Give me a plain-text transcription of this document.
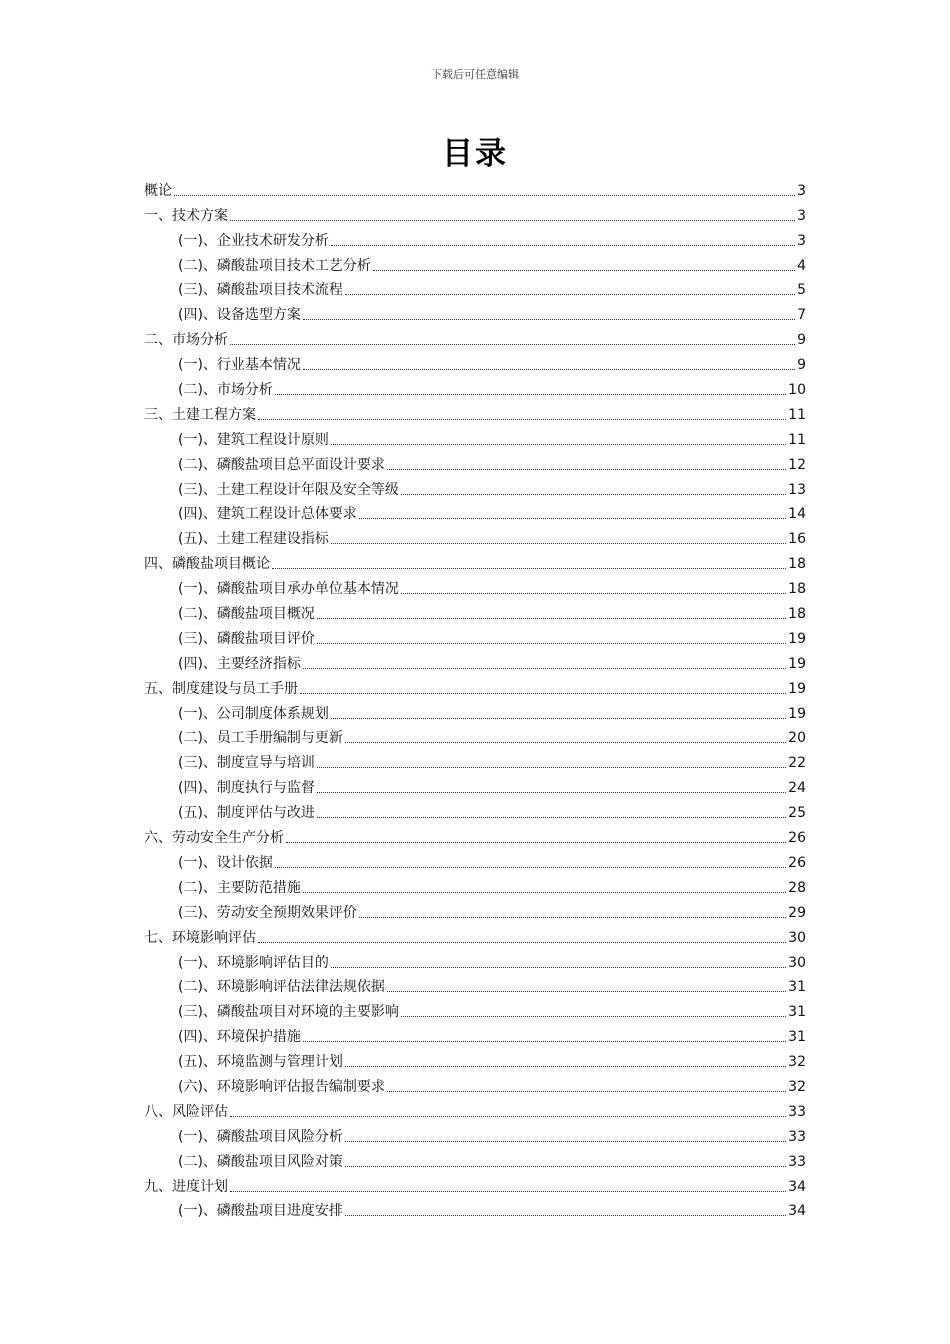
下载后可任意编辑
目录
概论	3
一、技术方案	3
(一)、企业技术研发分析	3
(二)、磷酸盐项目技术工艺分析	4
(三)、磷酸盐项目技术流程	5
(四)、设备选型方案	7
二、市场分析	9
(一)、行业基本情况	9
(二)、市场分析	10
三、土建工程方案	11
(一)、建筑工程设计原则	11
(二)、磷酸盐项目总平面设计要求	12
(三)、土建工程设计年限及安全等级	13
(四)、建筑工程设计总体要求	14
(五)、土建工程建设指标	16
四、磷酸盐项目概论	18
(一)、磷酸盐项目承办单位基本情况	18
(二)、磷酸盐项目概况	18
(三)、磷酸盐项目评价	19
(四)、主要经济指标	19
五、制度建设与员工手册	19
(一)、公司制度体系规划	19
(二)、员工手册编制与更新	20
(三)、制度宣导与培训	22
(四)、制度执行与监督	24
(五)、制度评估与改进	25
六、劳动安全生产分析	26
(一)、设计依据	26
(二)、主要防范措施	28
(三)、劳动安全预期效果评价	29
七、环境影响评估	30
(一)、环境影响评估目的	30
(二)、环境影响评估法律法规依据	31
(三)、磷酸盐项目对环境的主要影响	31
(四)、环境保护措施	31
(五)、环境监测与管理计划	32
(六)、环境影响评估报告编制要求	32
八、风险评估	33
(一)、磷酸盐项目风险分析	33
(二)、磷酸盐项目风险对策	33
九、进度计划	34
(一)、磷酸盐项目进度安排	34
